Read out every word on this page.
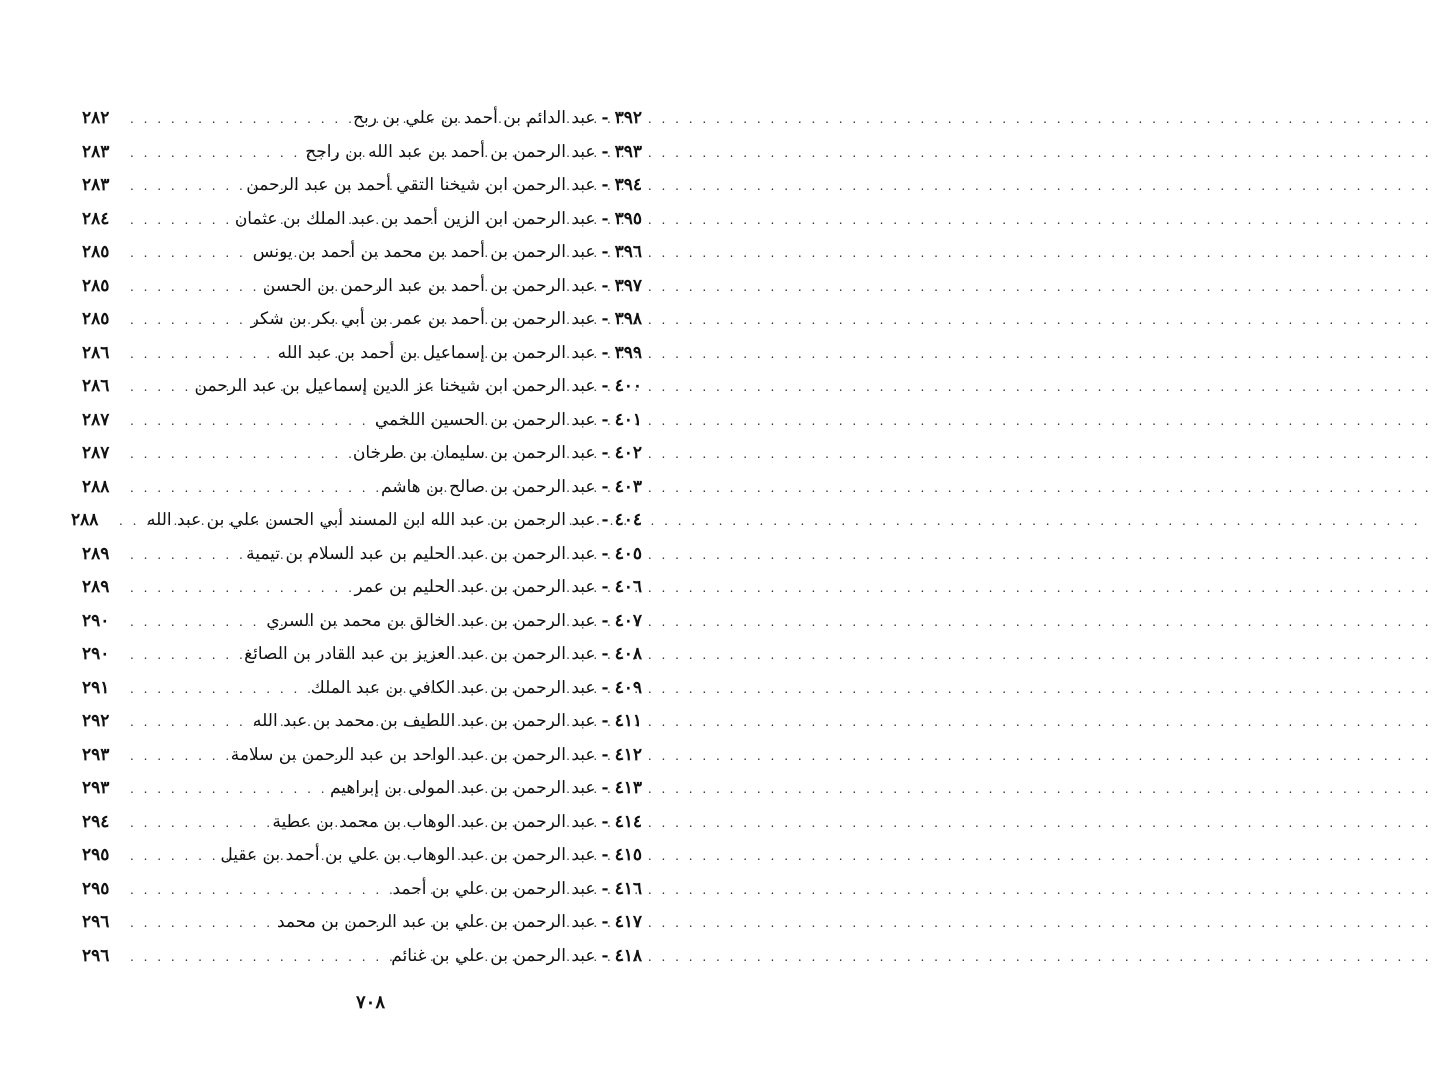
٣٩٢
-
عبد الدائم بن أحمد بن علي بن ربح
. . .
٢٨٢
٣٩٣
-
عبد الرحمن بن أحمد بن عبد الله بن راجح
. . .
٢٨٣
٣٩٤
-
عبد الرحمن ابن شيخنا التقي أحمد بن عبد الرحمن
. . .
٢٨٣
٣٩٥
-
عبد الرحمن ابن الزين أحمد بن عبد الملك بن عثمان
. . .
٢٨٤
٣٩٦
-
عبد الرحمن بن أحمد بن محمد بن أحمد بن يونس
. . .
٢٨٥
٣٩٧
-
عبد الرحمن بن أحمد بن عبد الرحمن بن الحسن
. . .
٢٨٥
٣٩٨
-
عبد الرحمن بن أحمد بن عمر بن أبي بكر بن شكر
. . .
٢٨٥
٣٩٩
-
عبد الرحمن بن إسماعيل بن أحمد بن عبد الله
. . .
٢٨٦
٤٠٠
-
عبد الرحمن ابن شيخنا عز الدين إسماعيل بن عبد الرحمن
. . .
٢٨٦
٤٠١
-
عبد الرحمن بن الحسين اللخمي
. . .
٢٨٧
٤٠٢
-
عبد الرحمن بن سليمان بن طرخان
. . .
٢٨٧
٤٠٣
-
عبد الرحمن بن صالح بن هاشم
. . .
٢٨٨
٤٠٤
-
عبد الرحمن بن عبد الله ابن المسند أبي الحسن علي بن عبد الله
. . .
٢٨٨
٤٠٥
-
عبد الرحمن بن عبد الحليم بن عبد السلام بن تيمية
. . .
٢٨٩
٤٠٦
-
عبد الرحمن بن عبد الحليم بن عمر
. . .
٢٨٩
٤٠٧
-
عبد الرحمن بن عبد الخالق بن محمد بن السري
. . .
٢٩٠
٤٠٨
-
عبد الرحمن بن عبد العزيز بن عبد القادر بن الصائغ
. . .
٢٩٠
٤٠٩
-
عبد الرحمن بن عبد الكافي بن عبد الملك
. . .
٢٩١
٤١١
-
عبد الرحمن بن عبد اللطيف بن محمد بن عبد الله
. . .
٢٩٢
٤١٢
-
عبد الرحمن بن عبد الواحد بن عبد الرحمن بن سلامة
. . .
٢٩٣
٤١٣
-
عبد الرحمن بن عبد المولى بن إبراهيم
. . .
٢٩٣
٤١٤
-
عبد الرحمن بن عبد الوهاب بن محمد بن عطية
. . .
٢٩٤
٤١٥
-
عبد الرحمن بن عبد الوهاب بن علي بن أحمد بن عقيل
. . .
٢٩٥
٤١٦
-
عبد الرحمن بن علي بن أحمد
. . .
٢٩٥
٤١٧
-
عبد الرحمن بن علي بن عبد الرحمن بن محمد
. . .
٢٩٦
٤١٨
-
عبد الرحمن بن علي بن غنائم
. . .
٢٩٦
٧٠٨
